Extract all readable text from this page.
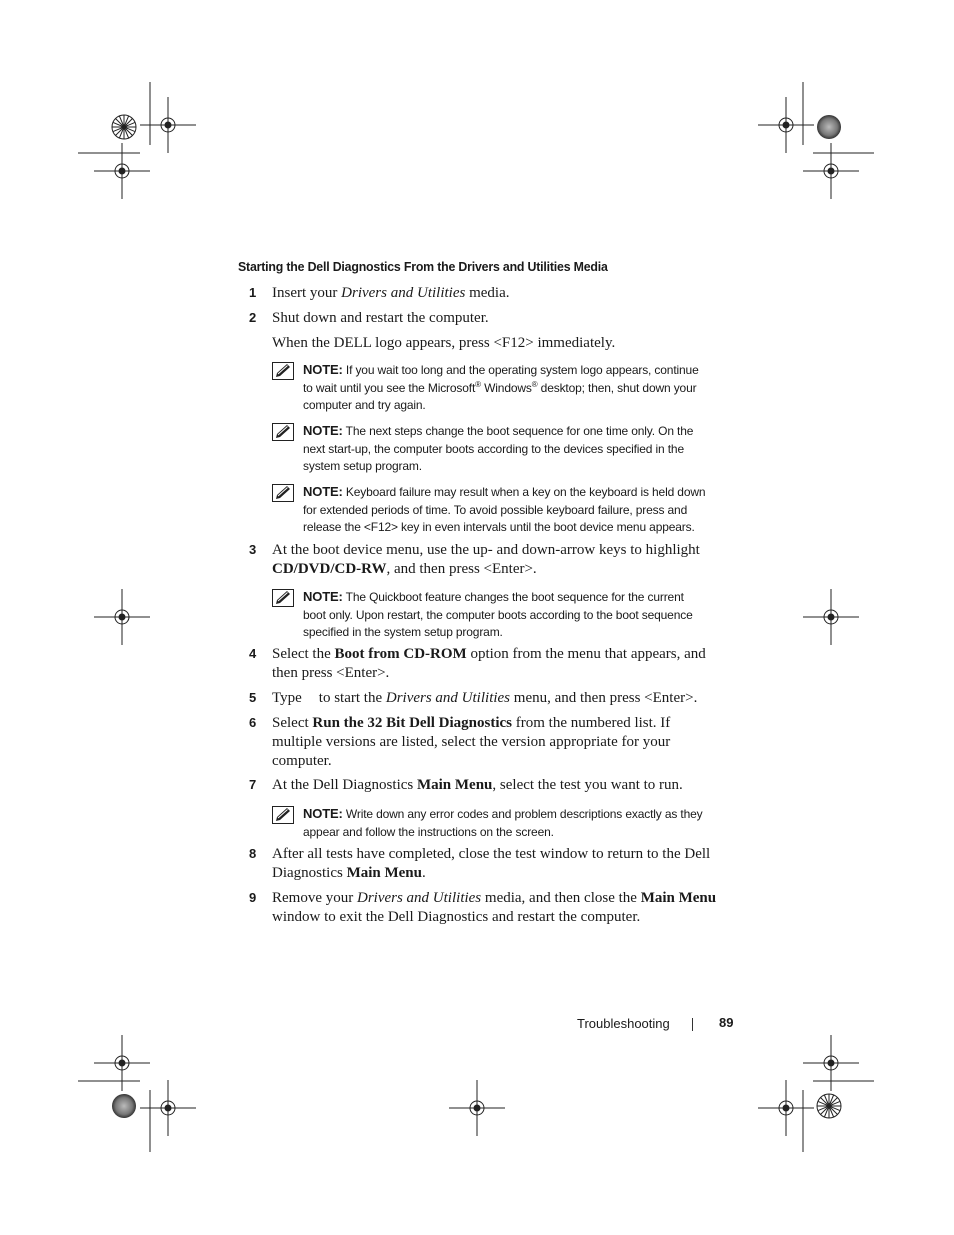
Starting the Dell Diagnostics From the Drivers and Utilities Media
1 Insert your Drivers and Utilities media.
2 Shut down and restart the computer.
When the DELL logo appears, press <F12> immediately.
NOTE: If you wait too long and the operating system logo appears, continue
to wait until you see the Microsoft® Windows® desktop; then, shut down your
computer and try again.
NOTE: The next steps change the boot sequence for one time only. On the
next start-up, the computer boots according to the devices specified in the
system setup program.
NOTE: Keyboard failure may result when a key on the keyboard is held down
for extended periods of time. To avoid possible keyboard failure, press and
release the <F12> key in even intervals until the boot device menu appears.
3 At the boot device menu, use the up- and down-arrow keys to highlight
CD/DVD/CD-RW, and then press <Enter>.
NOTE: The Quickboot feature changes the boot sequence for the current
boot only. Upon restart, the computer boots according to the boot sequence
specified in the system setup program.
4 Select the Boot from CD-ROM option from the menu that appears, and
then press <Enter>.
5 Type to start the Drivers and Utilities menu, and then press <Enter>.
6 Select Run the 32 Bit Dell Diagnostics from the numbered list. If
multiple versions are listed, select the version appropriate for your
computer.
7 At the Dell Diagnostics Main Menu, select the test you want to run.
NOTE: Write down any error codes and problem descriptions exactly as they
appear and follow the instructions on the screen.
8 After all tests have completed, close the test window to return to the Dell
Diagnostics Main Menu.
9 Remove your Drivers and Utilities media, and then close the Main Menu
window to exit the Dell Diagnostics and restart the computer.
Troubleshooting	89
